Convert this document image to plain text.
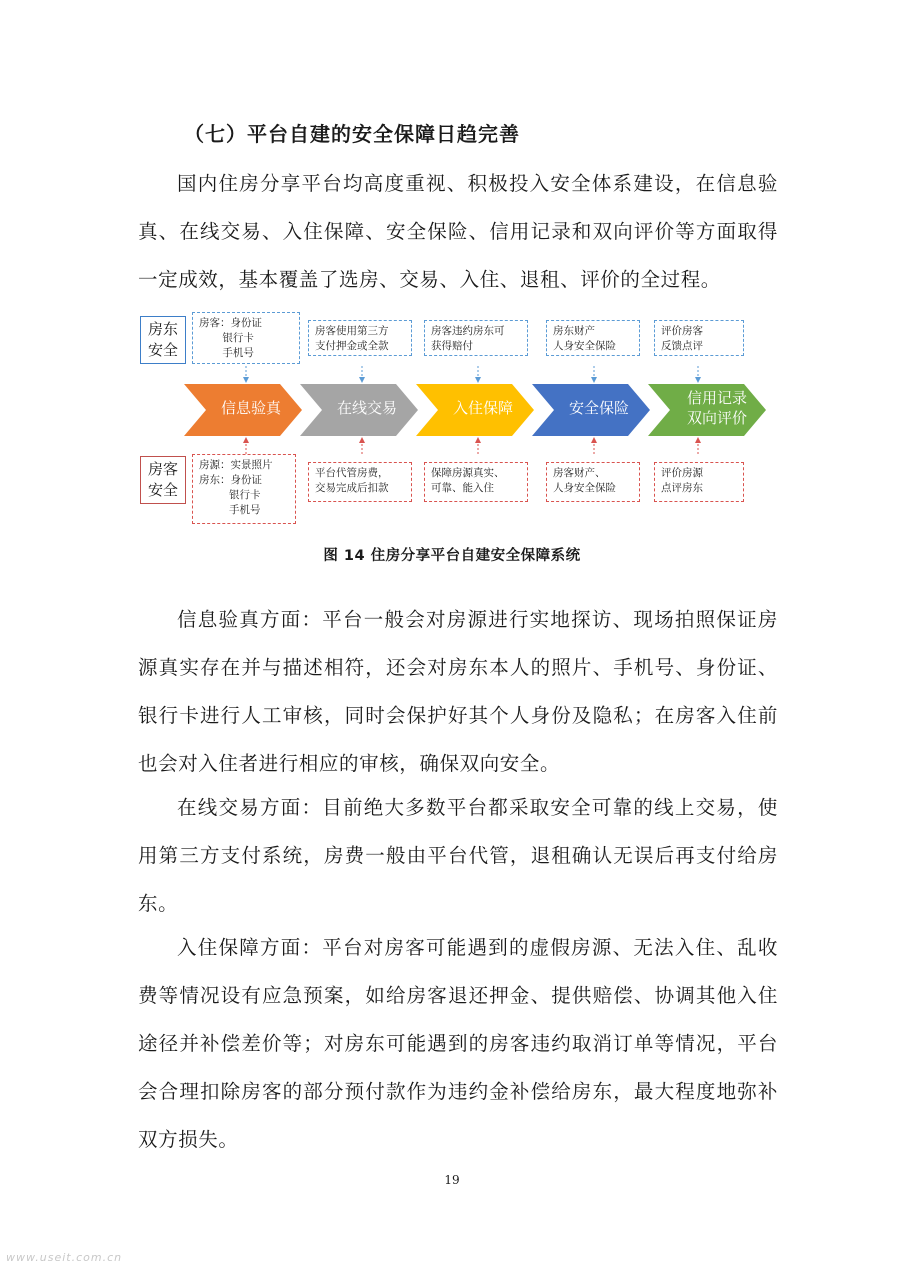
（七）平台自建的安全保障日趋完善
国内住房分享平台均高度重视、积极投入安全体系建设，在信息验真、在线交易、入住保障、安全保险、信用记录和双向评价等方面取得一定成效，基本覆盖了选房、交易、入住、退租、评价的全过程。
房东
安全
房客
安全
房客：身份证
银行卡
手机号
房客使用第三方
支付押金或全款
房客违约房东可
获得赔付
房东财产
人身安全保险
评价房客
反馈点评
房源：实景照片
房东：身份证
银行卡
手机号
平台代管房费，
交易完成后扣款
保障房源真实、
可靠、能入住
房客财产、
人身安全保险
评价房源
点评房东
信息验真	在线交易	入住保障	安全保险
信用记录
双向评价
图 14 住房分享平台自建安全保障系统
信息验真方面：平台一般会对房源进行实地探访、现场拍照保证房源真实存在并与描述相符，还会对房东本人的照片、手机号、身份证、银行卡进行人工审核，同时会保护好其个人身份及隐私；在房客入住前也会对入住者进行相应的审核，确保双向安全。
在线交易方面：目前绝大多数平台都采取安全可靠的线上交易，使用第三方支付系统，房费一般由平台代管，退租确认无误后再支付给房东。
入住保障方面：平台对房客可能遇到的虚假房源、无法入住、乱收费等情况设有应急预案，如给房客退还押金、提供赔偿、协调其他入住途径并补偿差价等；对房东可能遇到的房客违约取消订单等情况，平台会合理扣除房客的部分预付款作为违约金补偿给房东，最大程度地弥补双方损失。
19
www.useit.com.cn
